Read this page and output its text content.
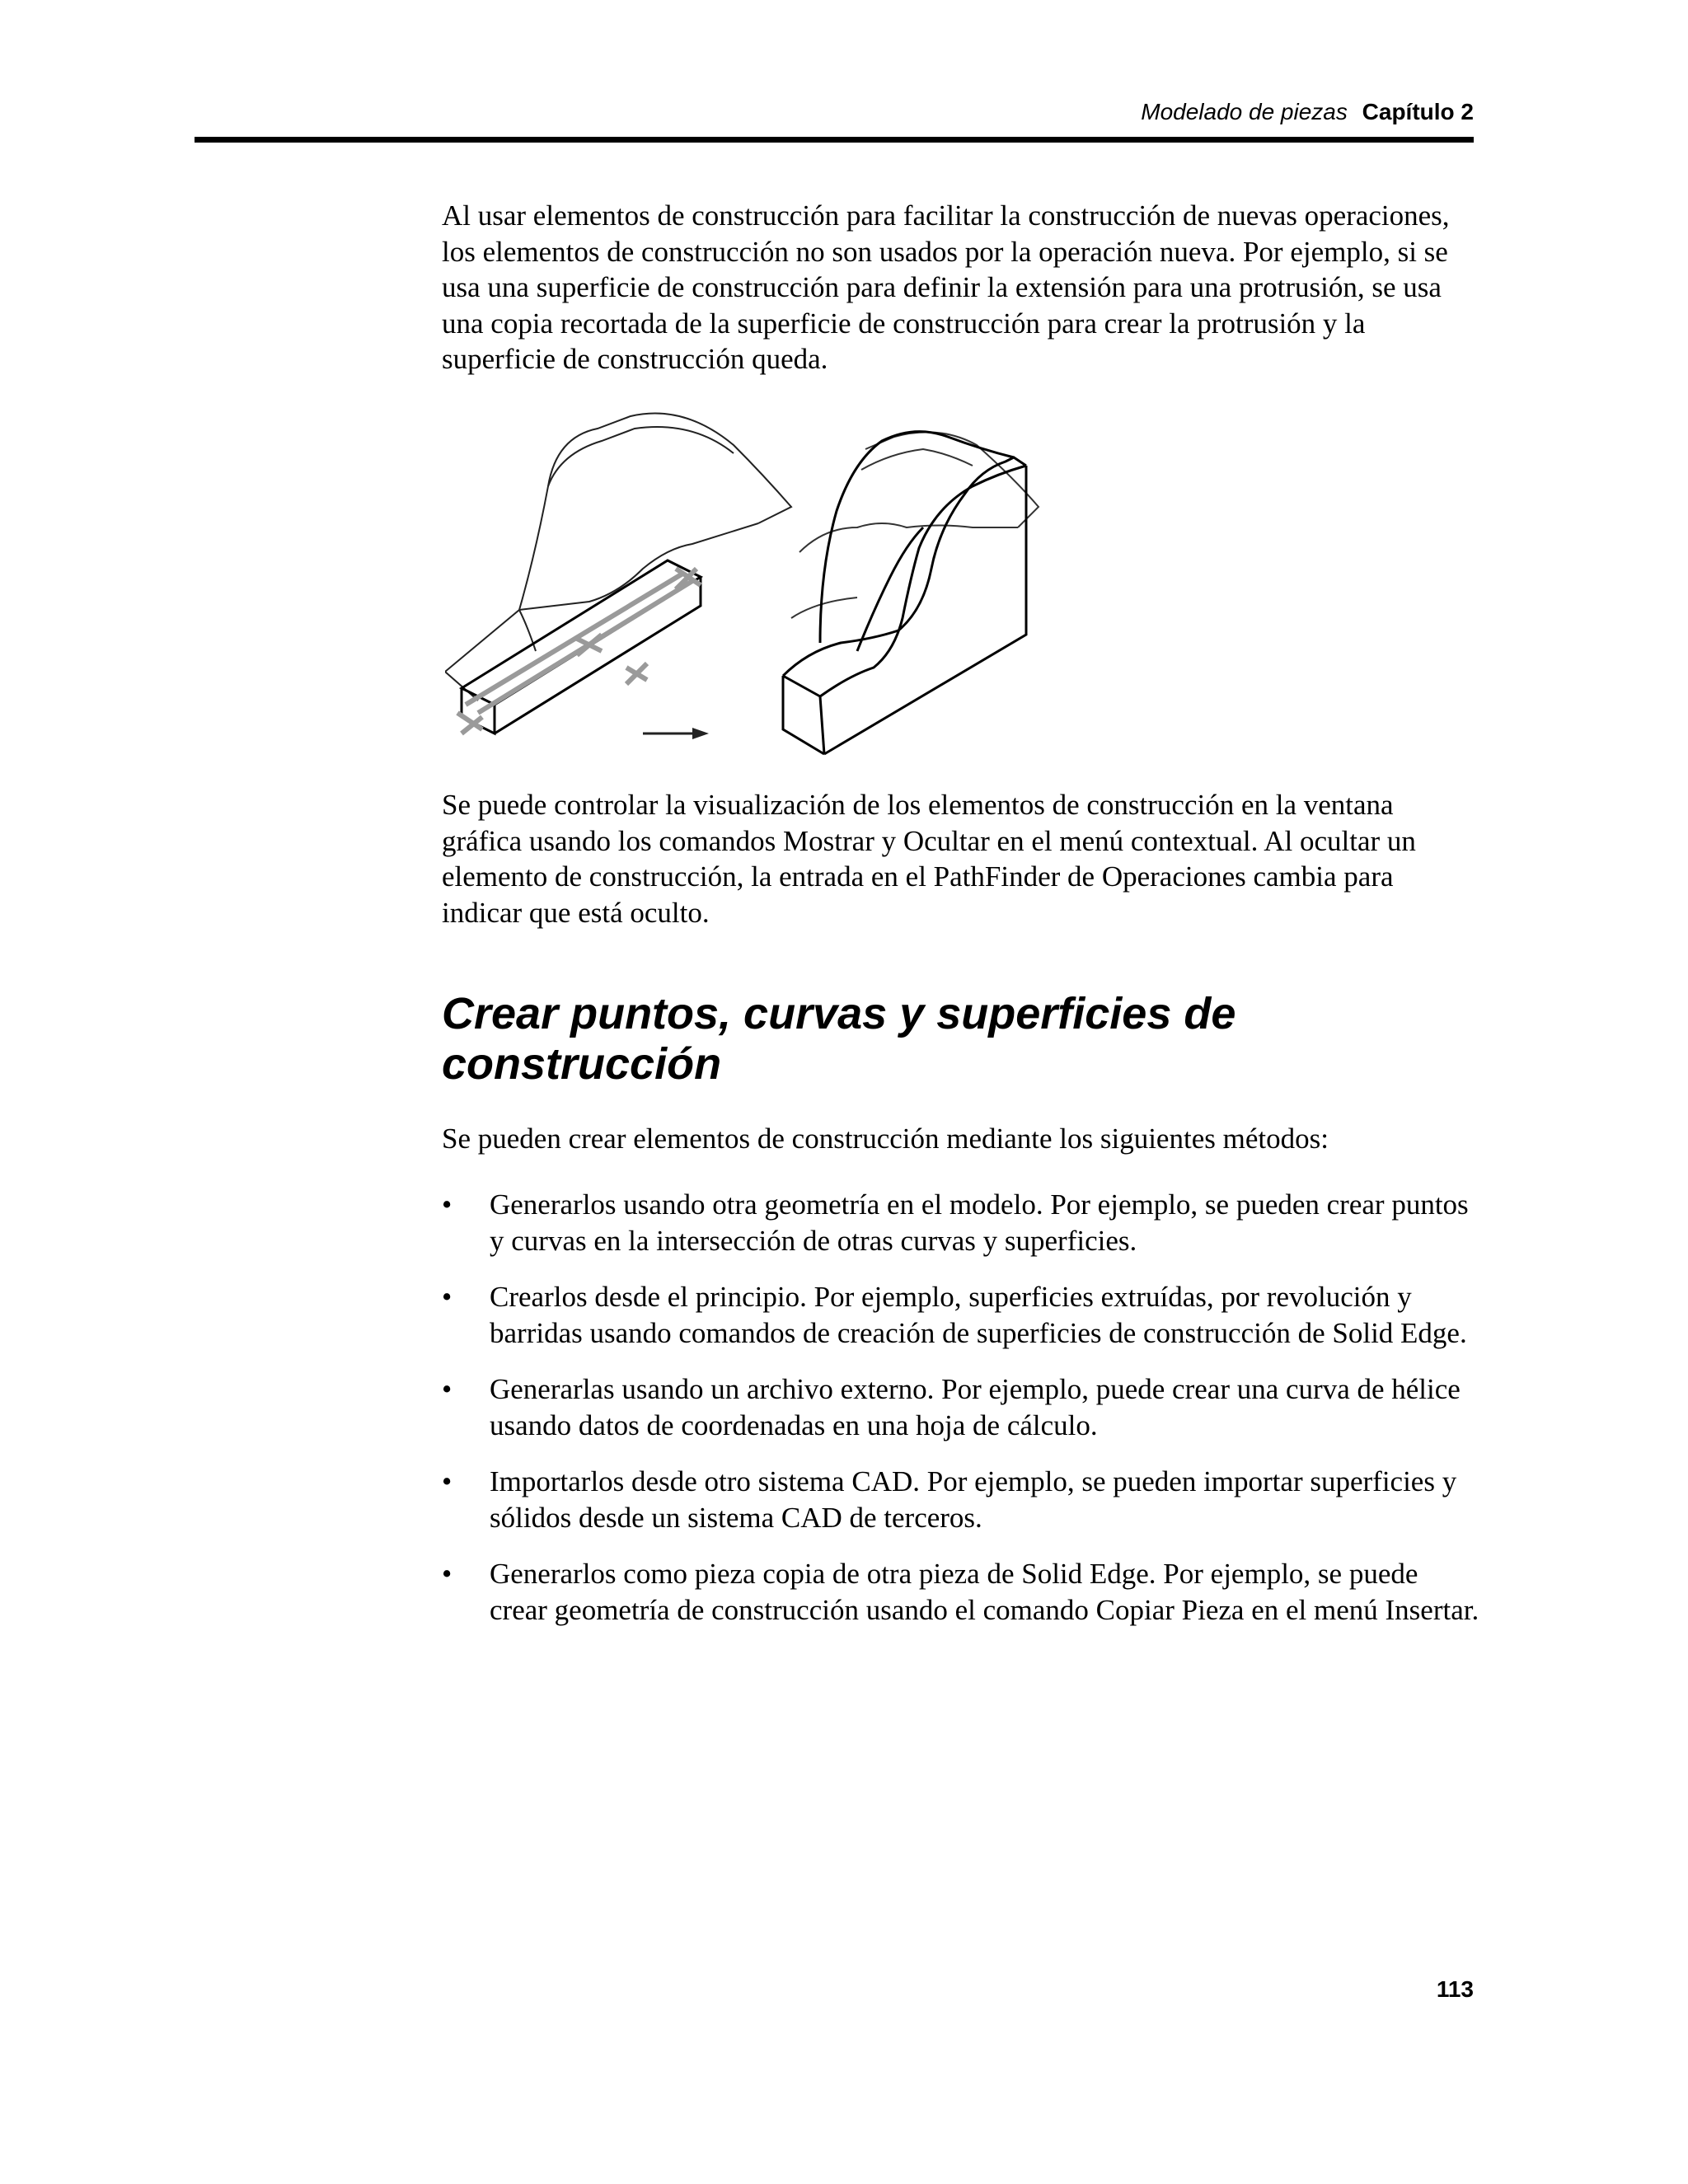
Modelado de piezas Capítulo 2

Al usar elementos de construcción para facilitar la construcción de nuevas operaciones, los elementos de construcción no son usados por la operación nueva. Por ejemplo, si se usa una superficie de construcción para definir la extensión para una protrusión, se usa una copia recortada de la superficie de construcción para crear la protrusión y la superficie de construcción queda.

Se puede controlar la visualización de los elementos de construcción en la ventana gráfica usando los comandos Mostrar y Ocultar en el menú contextual. Al ocultar un elemento de construcción, la entrada en el PathFinder de Operaciones cambia para indicar que está oculto.

Crear puntos, curvas y superficies de construcción

Se pueden crear elementos de construcción mediante los siguientes métodos:

• Generarlos usando otra geometría en el modelo. Por ejemplo, se pueden crear puntos y curvas en la intersección de otras curvas y superficies.
• Crearlos desde el principio. Por ejemplo, superficies extruídas, por revolución y barridas usando comandos de creación de superficies de construcción de Solid Edge.
• Generarlas usando un archivo externo. Por ejemplo, puede crear una curva de hélice usando datos de coordenadas en una hoja de cálculo.
• Importarlos desde otro sistema CAD. Por ejemplo, se pueden importar superficies y sólidos desde un sistema CAD de terceros.
• Generarlos como pieza copia de otra pieza de Solid Edge. Por ejemplo, se puede crear geometría de construcción usando el comando Copiar Pieza en el menú Insertar.
113
